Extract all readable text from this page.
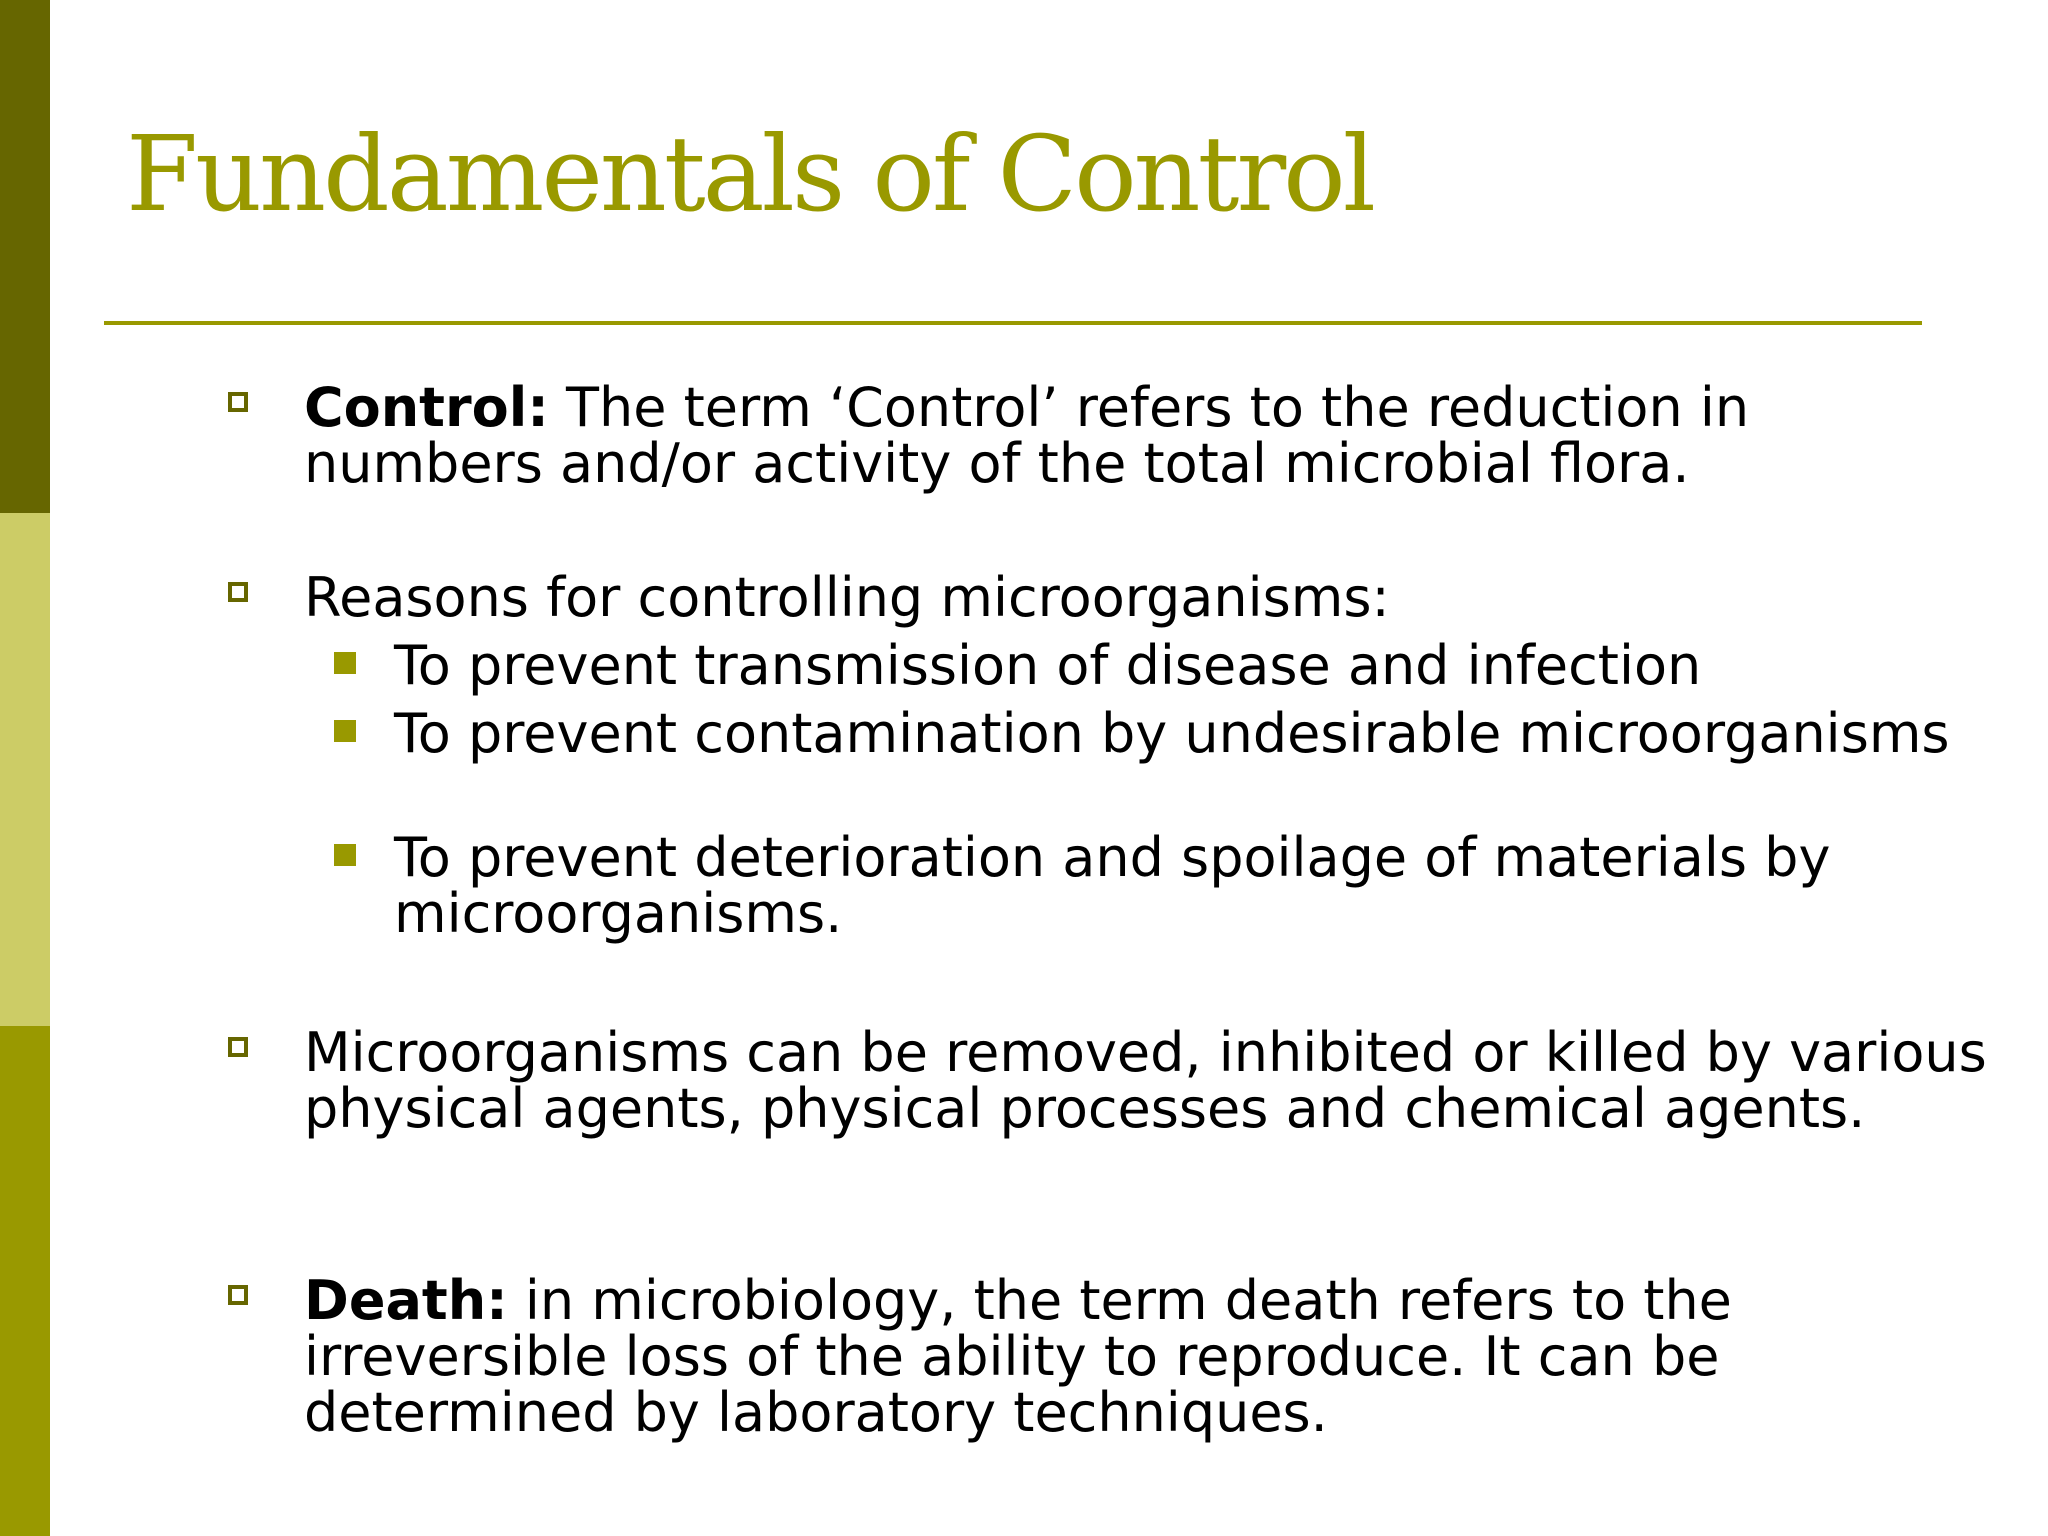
Fundamentals of Control
Control: The term ‘Control’ refers to the reduction in numbers and/or activity of the total microbial flora.
Reasons for controlling microorganisms:
To prevent transmission of disease and infection
To prevent contamination by undesirable microorganisms
To prevent deterioration and spoilage of materials by microorganisms.
Microorganisms can be removed, inhibited or killed by various physical agents, physical processes and chemical agents.
Death: in microbiology, the term death refers to the irreversible loss of the ability to reproduce. It can be determined by laboratory techniques.
